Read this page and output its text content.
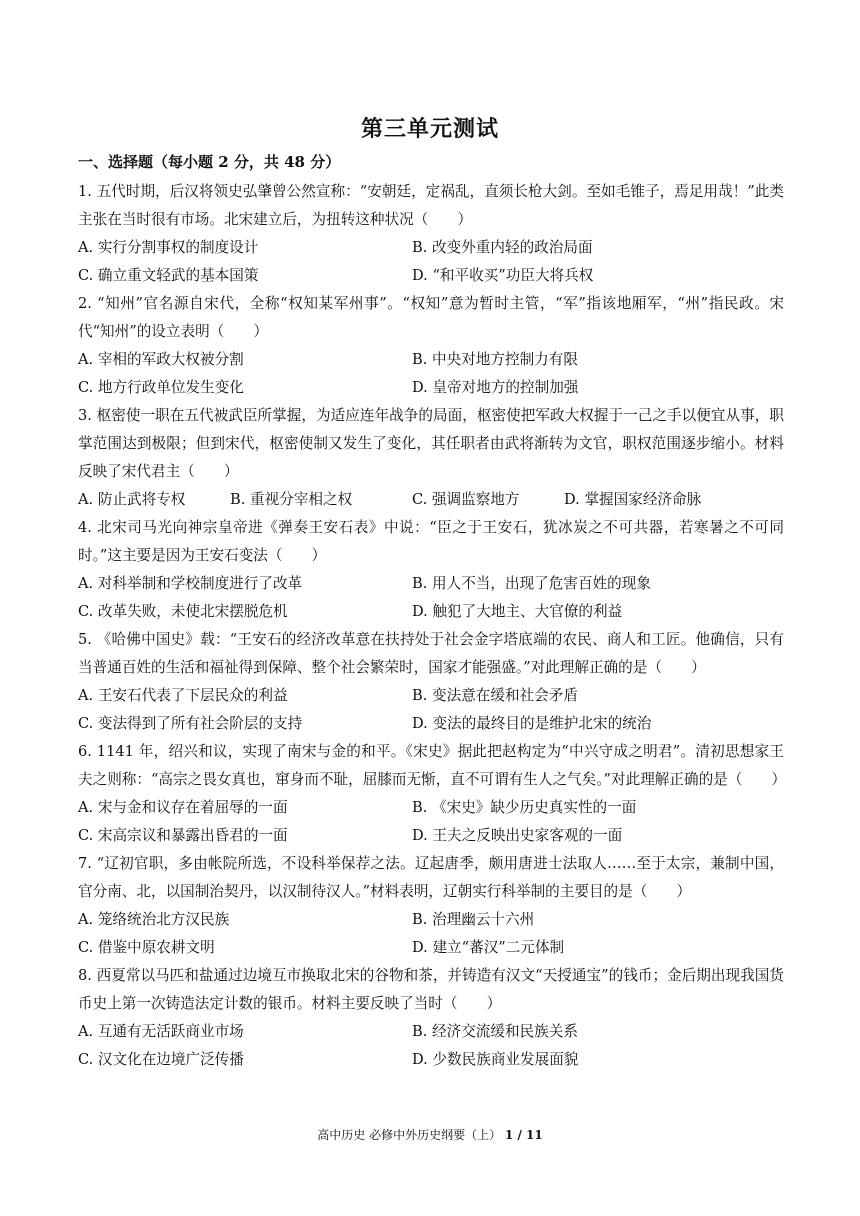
第三单元测试
一、选择题（每小题 2 分，共 48 分）

1. 五代时期，后汉将领史弘肇曾公然宣称：“安朝廷，定祸乱，直须长枪大剑。至如毛锥子，焉足用哉！”此类主张在当时很有市场。北宋建立后，为扭转这种状况（　　）

A. 实行分割事权的制度设计	B. 改变外重内轻的政治局面
C. 确立重文轻武的基本国策	D. “和平收买”功臣大将兵权

2. “知州”官名源自宋代，全称“权知某军州事”。“权知”意为暂时主管，“军”指该地厢军，“州”指民政。宋代“知州”的设立表明（　　）

A. 宰相的军政大权被分割	B. 中央对地方控制力有限
C. 地方行政单位发生变化	D. 皇帝对地方的控制加强

3. 枢密使一职在五代被武臣所掌握，为适应连年战争的局面，枢密使把军政大权握于一己之手以便宜从事，职掌范围达到极限；但到宋代，枢密使制又发生了变化，其任职者由武将渐转为文官，职权范围逐步缩小。材料反映了宋代君主（　　）

A. 防止武将专权	B. 重视分宰相之权	C. 强调监察地方	D. 掌握国家经济命脉

4. 北宋司马光向神宗皇帝进《弹奏王安石表》中说：“臣之于王安石，犹冰炭之不可共器，若寒暑之不可同时。”这主要是因为王安石变法（　　）

A. 对科举制和学校制度进行了改革	B. 用人不当，出现了危害百姓的现象
C. 改革失败，未使北宋摆脱危机	D. 触犯了大地主、大官僚的利益

5. 《哈佛中国史》载：“王安石的经济改革意在扶持处于社会金字塔底端的农民、商人和工匠。他确信，只有当普通百姓的生活和福祉得到保障、整个社会繁荣时，国家才能强盛。”对此理解正确的是（　　）

A. 王安石代表了下层民众的利益	B. 变法意在缓和社会矛盾
C. 变法得到了所有社会阶层的支持	D. 变法的最终目的是维护北宋的统治

6. 1141 年，绍兴和议，实现了南宋与金的和平。《宋史》据此把赵构定为“中兴守成之明君”。清初思想家王夫之则称：“高宗之畏女真也，窜身而不耻，屈膝而无惭，直不可谓有生人之气矣。”对此理解正确的是（　　）

A. 宋与金和议存在着屈辱的一面	B. 《宋史》缺少历史真实性的一面
C. 宋高宗议和暴露出昏君的一面	D. 王夫之反映出史家客观的一面

7. “辽初官职，多由帐院所选，不设科举保荐之法。辽起唐季，颇用唐进士法取人……至于太宗，兼制中国，官分南、北，以国制治契丹，以汉制待汉人。”材料表明，辽朝实行科举制的主要目的是（　　）

A. 笼络统治北方汉民族	B. 治理幽云十六州
C. 借鉴中原农耕文明	D. 建立“蕃汉”二元体制

8. 西夏常以马匹和盐通过边境互市换取北宋的谷物和茶，并铸造有汉文“天授通宝”的钱币；金后期出现我国货币史上第一次铸造法定计数的银币。材料主要反映了当时（　　）

A. 互通有无活跃商业市场	B. 经济交流缓和民族关系
C. 汉文化在边境广泛传播	D. 少数民族商业发展面貌
高中历史 必修中外历史纲要（上） 1 / 11
